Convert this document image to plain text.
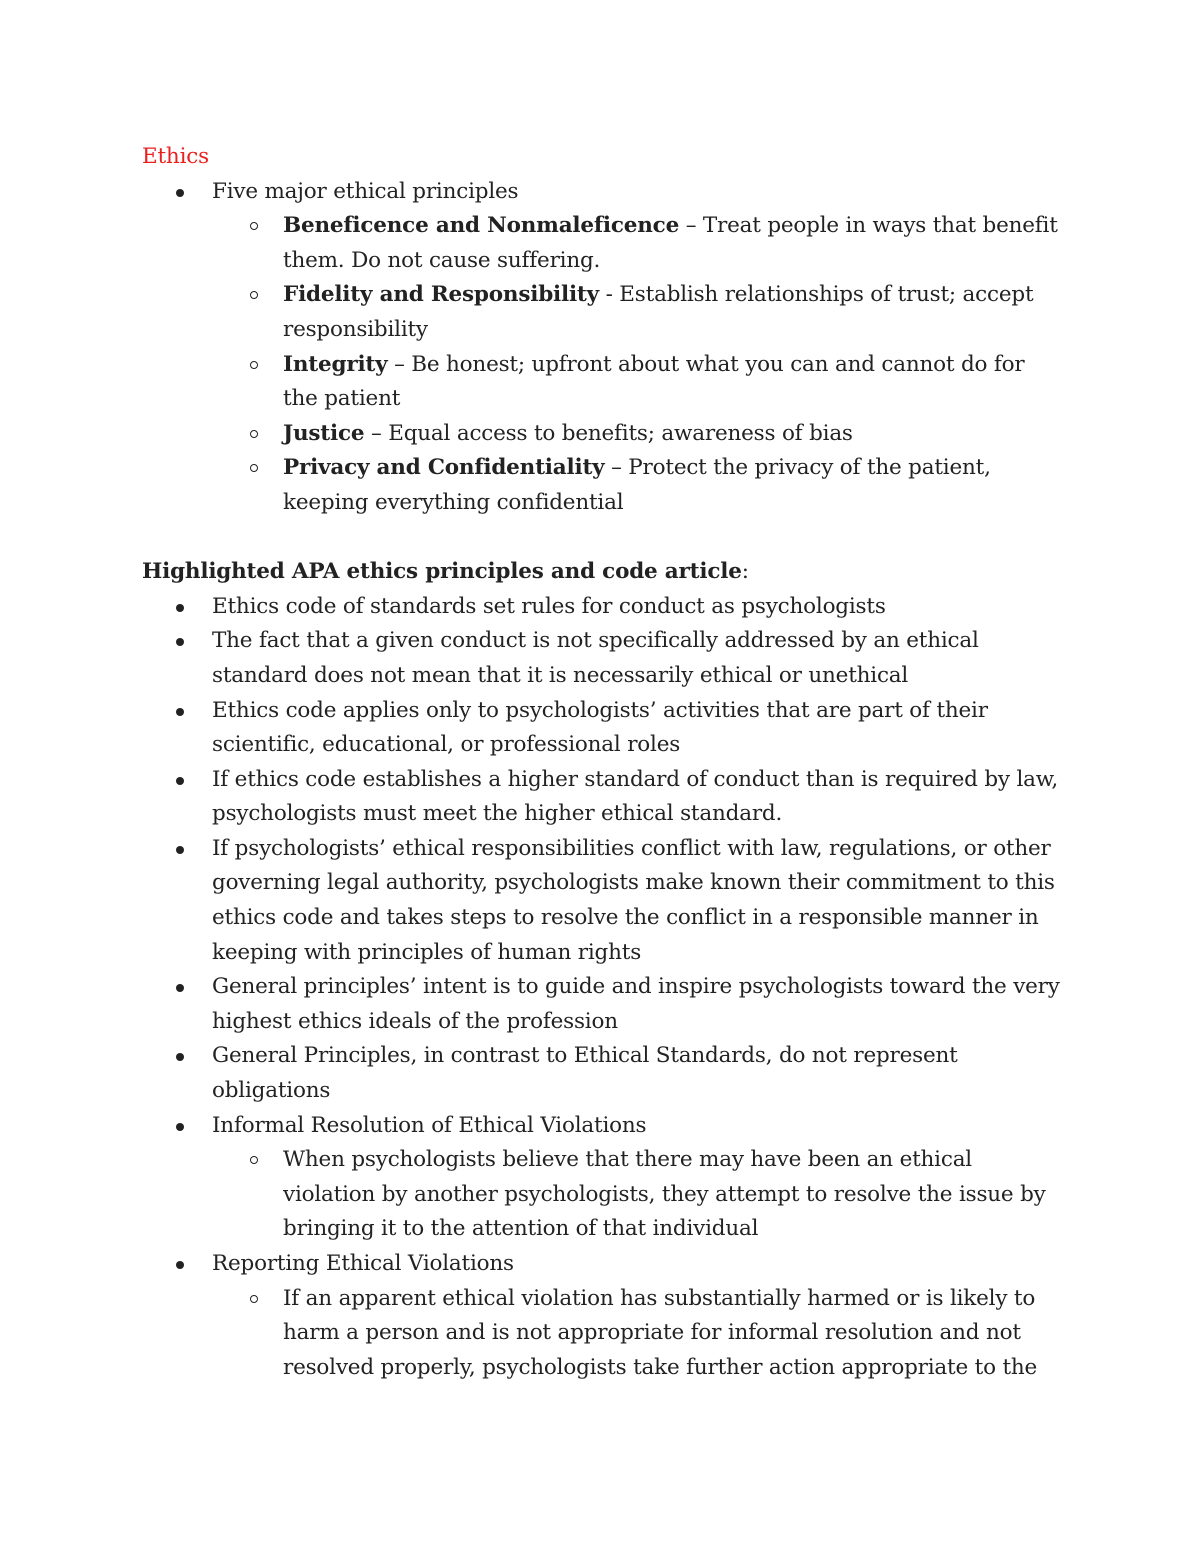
Ethics

Five major ethical principles
Beneficence and Nonmaleficence – Treat people in ways that benefit them. Do not cause suffering.
Fidelity and Responsibility - Establish relationships of trust; accept responsibility
Integrity – Be honest; upfront about what you can and cannot do for the patient
Justice – Equal access to benefits; awareness of bias
Privacy and Confidentiality – Protect the privacy of the patient, keeping everything confidential

Highlighted APA ethics principles and code article:

Ethics code of standards set rules for conduct as psychologists
The fact that a given conduct is not specifically addressed by an ethical standard does not mean that it is necessarily ethical or unethical
Ethics code applies only to psychologists’ activities that are part of their scientific, educational, or professional roles
If ethics code establishes a higher standard of conduct than is required by law, psychologists must meet the higher ethical standard.
If psychologists’ ethical responsibilities conflict with law, regulations, or other governing legal authority, psychologists make known their commitment to this ethics code and takes steps to resolve the conflict in a responsible manner in keeping with principles of human rights
General principles’ intent is to guide and inspire psychologists toward the very highest ethics ideals of the profession
General Principles, in contrast to Ethical Standards, do not represent obligations
Informal Resolution of Ethical Violations
When psychologists believe that there may have been an ethical violation by another psychologists, they attempt to resolve the issue by bringing it to the attention of that individual
Reporting Ethical Violations
If an apparent ethical violation has substantially harmed or is likely to harm a person and is not appropriate for informal resolution and not resolved properly, psychologists take further action appropriate to the
